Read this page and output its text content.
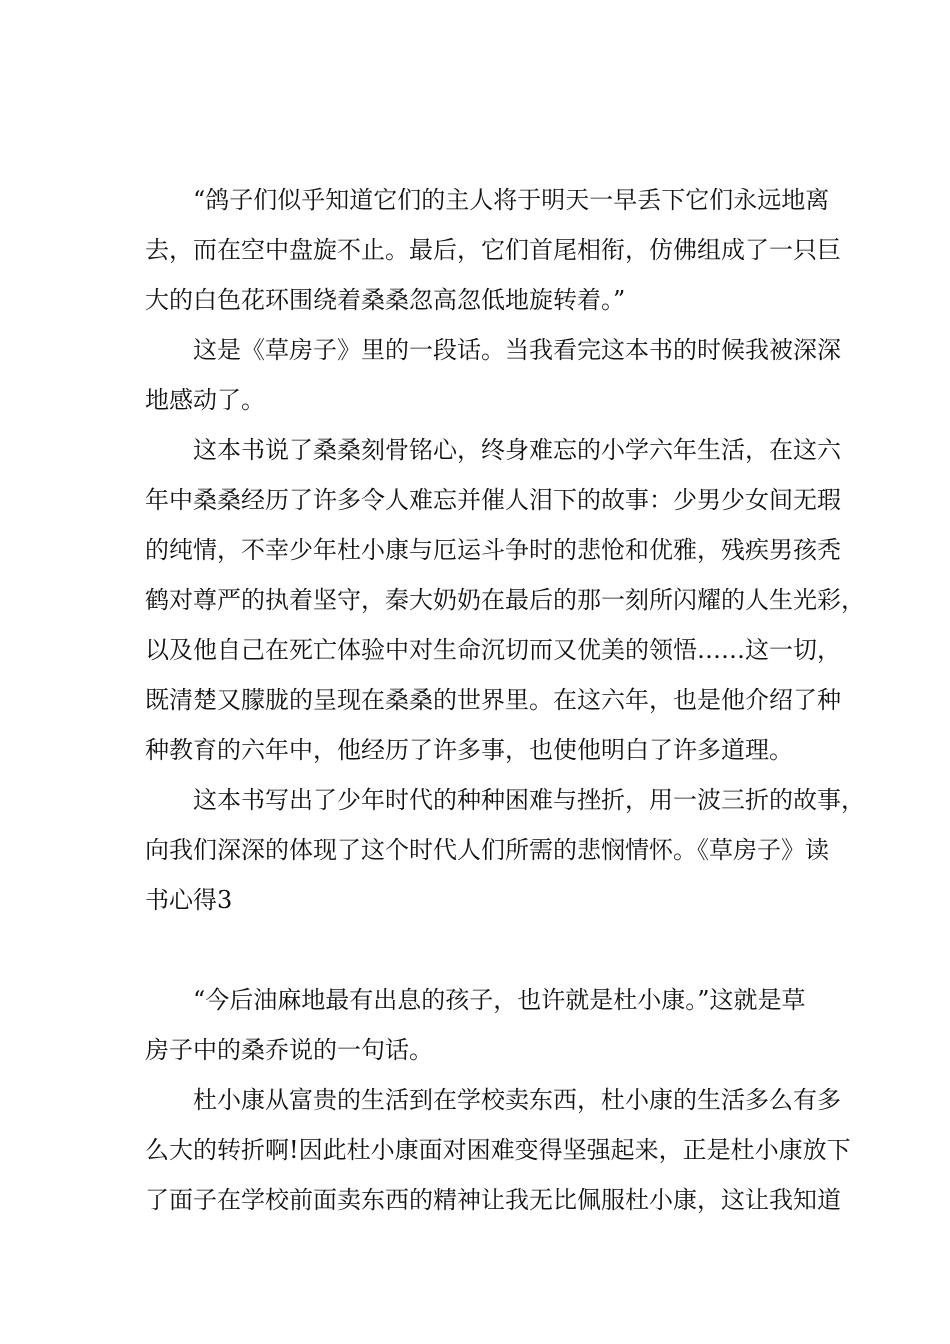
“鸽子们似乎知道它们的主人将于明天一早丢下它们永远地离
去，而在空中盘旋不止。最后，它们首尾相衔，仿佛组成了一只巨
大的白色花环围绕着桑桑忽高忽低地旋转着。”
这是《草房子》里的一段话。当我看完这本书的时候我被深深
地感动了。
这本书说了桑桑刻骨铭心，终身难忘的小学六年生活，在这六
年中桑桑经历了许多令人难忘并催人泪下的故事：少男少女间无瑕
的纯情，不幸少年杜小康与厄运斗争时的悲怆和优雅，残疾男孩秃
鹤对尊严的执着坚守，秦大奶奶在最后的那一刻所闪耀的人生光彩，
以及他自己在死亡体验中对生命沉切而又优美的领悟……这一切，
既清楚又朦胧的呈现在桑桑的世界里。在这六年，也是他介绍了种
种教育的六年中，他经历了许多事，也使他明白了许多道理。
这本书写出了少年时代的种种困难与挫折，用一波三折的故事，
向我们深深的体现了这个时代人们所需的悲悯情怀。《草房子》读
书心得3
“今后油麻地最有出息的孩子，也许就是杜小康。”这就是草
房子中的桑乔说的一句话。
杜小康从富贵的生活到在学校卖东西，杜小康的生活多么有多
么大的转折啊!因此杜小康面对困难变得坚强起来，正是杜小康放下
了面子在学校前面卖东西的精神让我无比佩服杜小康，这让我知道
